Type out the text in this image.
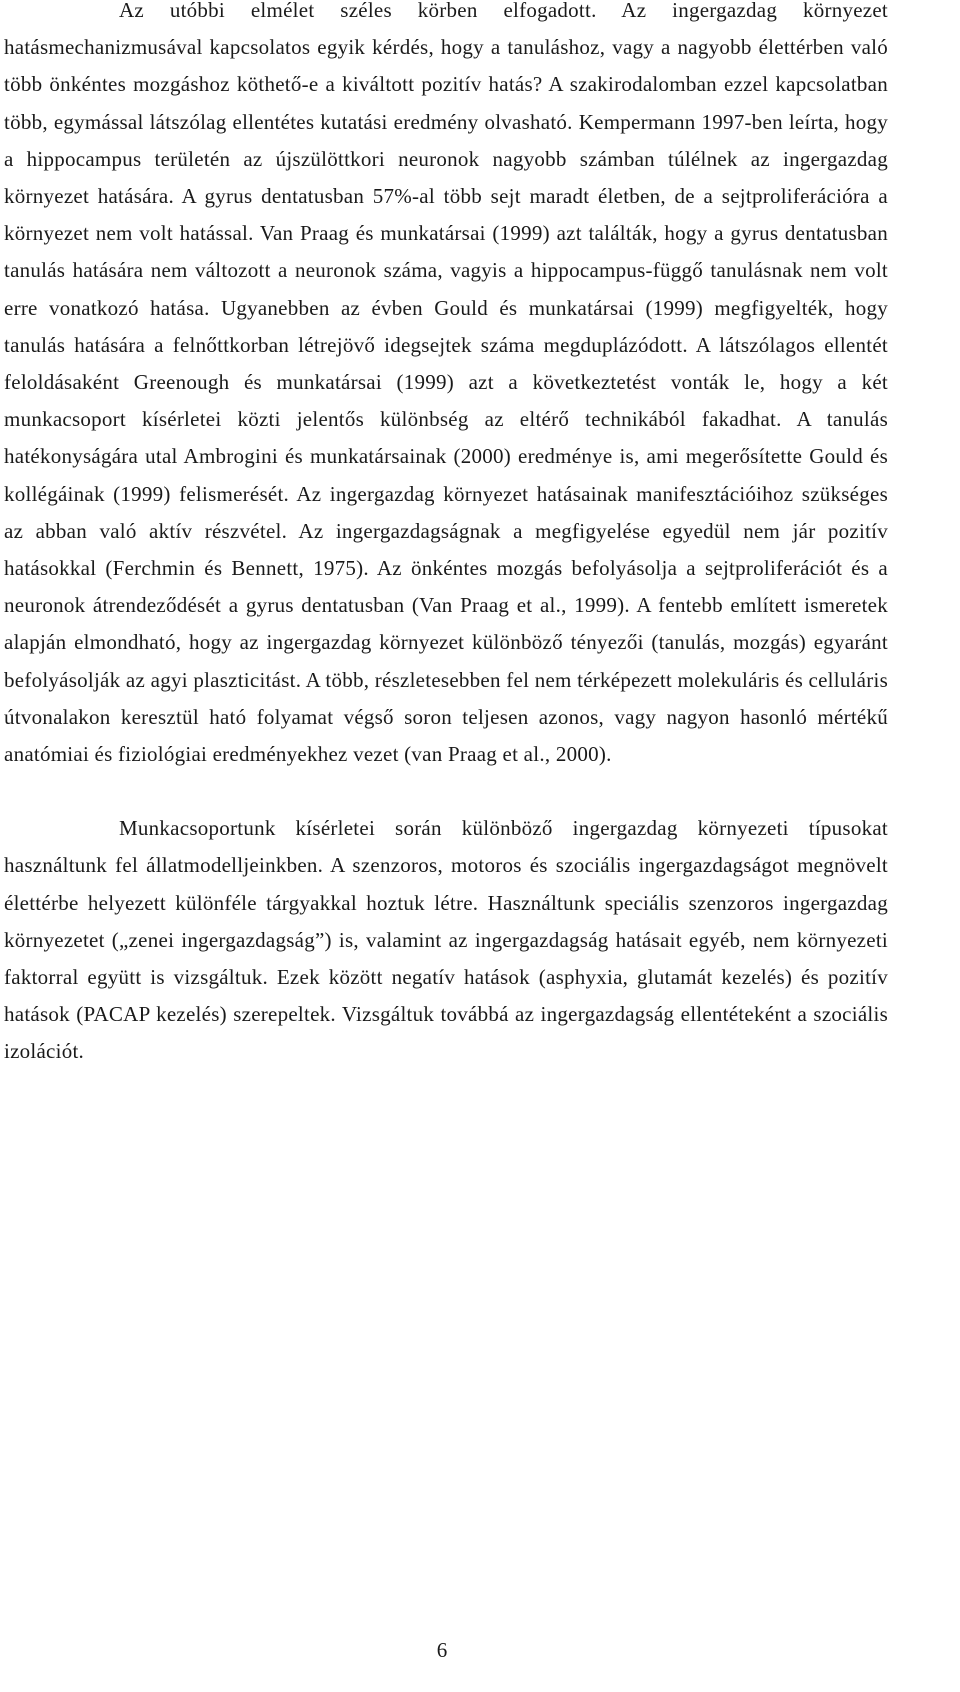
Az utóbbi elmélet széles körben elfogadott. Az ingergazdag környezet hatásmechanizmusával kapcsolatos egyik kérdés, hogy a tanuláshoz, vagy a nagyobb élettérben való több önkéntes mozgáshoz köthető-e a kiváltott pozitív hatás? A szakirodalomban ezzel kapcsolatban több, egymással látszólag ellentétes kutatási eredmény olvasható. Kempermann 1997-ben leírta, hogy a hippocampus területén az újszülöttkori neuronok nagyobb számban túlélnek az ingergazdag környezet hatására. A gyrus dentatusban 57%-al több sejt maradt életben, de a sejtproliferációra a környezet nem volt hatással. Van Praag és munkatársai (1999) azt találták, hogy a gyrus dentatusban tanulás hatására nem változott a neuronok száma, vagyis a hippocampus-függő tanulásnak nem volt erre vonatkozó hatása. Ugyanebben az évben Gould és munkatársai (1999) megfigyelték, hogy tanulás hatására a felnőttkorban létrejövő idegsejtek száma megduplázódott. A látszólagos ellentét feloldásaként Greenough és munkatársai (1999) azt a következtetést vonták le, hogy a két munkacsoport kísérletei közti jelentős különbség az eltérő technikából fakadhat. A tanulás hatékonyságára utal Ambrogini és munkatársainak (2000) eredménye is, ami megerősítette Gould és kollégáinak (1999) felismerését. Az ingergazdag környezet hatásainak manifesztációihoz szükséges az abban való aktív részvétel. Az ingergazdagságnak a megfigyelése egyedül nem jár pozitív hatásokkal (Ferchmin és Bennett, 1975). Az önkéntes mozgás befolyásolja a sejtproliferációt és a neuronok átrendeződését a gyrus dentatusban (Van Praag et al., 1999). A fentebb említett ismeretek alapján elmondható, hogy az ingergazdag környezet különböző tényezői (tanulás, mozgás) egyaránt befolyásolják az agyi plaszticitást. A több, részletesebben fel nem térképezett molekuláris és celluláris útvonalakon keresztül ható folyamat végső soron teljesen azonos, vagy nagyon hasonló mértékű anatómiai és fiziológiai eredményekhez vezet (van Praag et al., 2000).

Munkacsoportunk kísérletei során különböző ingergazdag környezeti típusokat használtunk fel állatmodelljeinkben. A szenzoros, motoros és szociális ingergazdagságot megnövelt élettérbe helyezett különféle tárgyakkal hoztuk létre. Használtunk speciális szenzoros ingergazdag környezetet („zenei ingergazdagság”) is, valamint az ingergazdagság hatásait egyéb, nem környezeti faktorral együtt is vizsgáltuk. Ezek között negatív hatások (asphyxia, glutamát kezelés) és pozitív hatások (PACAP kezelés) szerepeltek. Vizsgáltuk továbbá az ingergazdagság ellentéteként a szociális izolációt.

6
